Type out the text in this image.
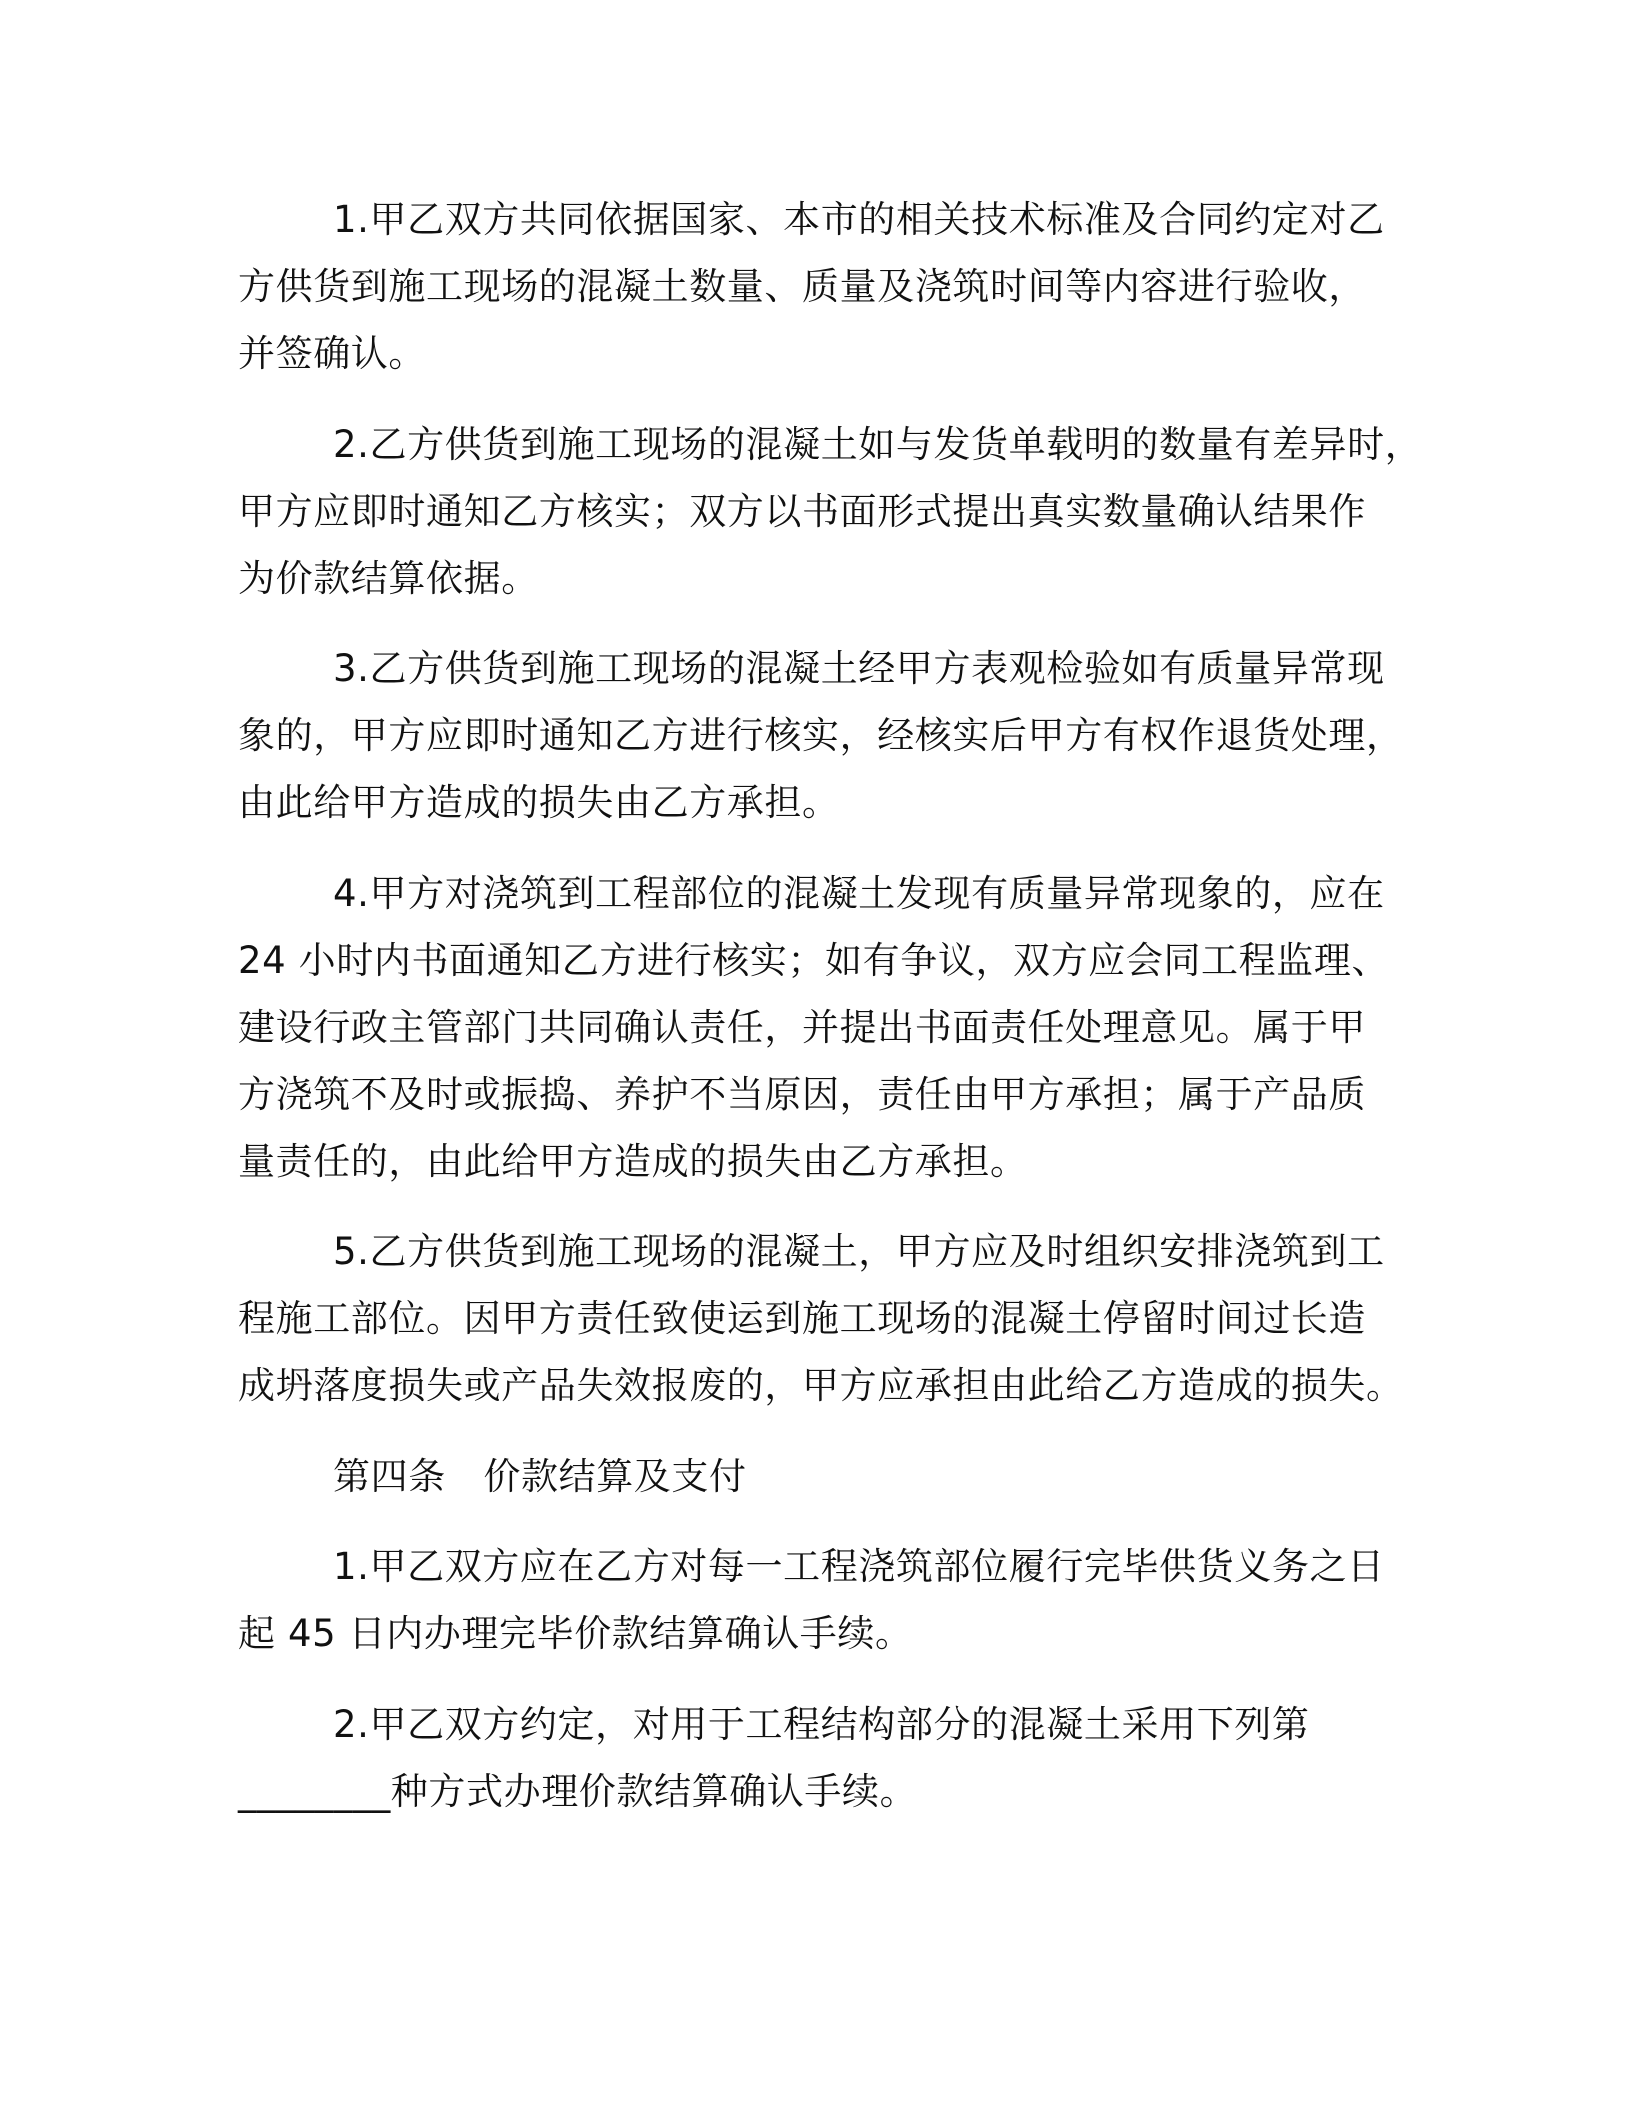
1.甲乙双方共同依据国家、本市的相关技术标准及合同约定对乙
方供货到施工现场的混凝土数量、质量及浇筑时间等内容进行验收，
并签确认。
2.乙方供货到施工现场的混凝土如与发货单载明的数量有差异时，
甲方应即时通知乙方核实；双方以书面形式提出真实数量确认结果作
为价款结算依据。
3.乙方供货到施工现场的混凝土经甲方表观检验如有质量异常现
象的，甲方应即时通知乙方进行核实，经核实后甲方有权作退货处理，
由此给甲方造成的损失由乙方承担。
4.甲方对浇筑到工程部位的混凝土发现有质量异常现象的，应在
24 小时内书面通知乙方进行核实；如有争议，双方应会同工程监理、
建设行政主管部门共同确认责任，并提出书面责任处理意见。属于甲
方浇筑不及时或振捣、养护不当原因，责任由甲方承担；属于产品质
量责任的，由此给甲方造成的损失由乙方承担。
5.乙方供货到施工现场的混凝土，甲方应及时组织安排浇筑到工
程施工部位。因甲方责任致使运到施工现场的混凝土停留时间过长造
成坍落度损失或产品失效报废的，甲方应承担由此给乙方造成的损失。
第四条　价款结算及支付
1.甲乙双方应在乙方对每一工程浇筑部位履行完毕供货义务之日
起 45 日内办理完毕价款结算确认手续。
2.甲乙双方约定，对用于工程结构部分的混凝土采用下列第
________种方式办理价款结算确认手续。
